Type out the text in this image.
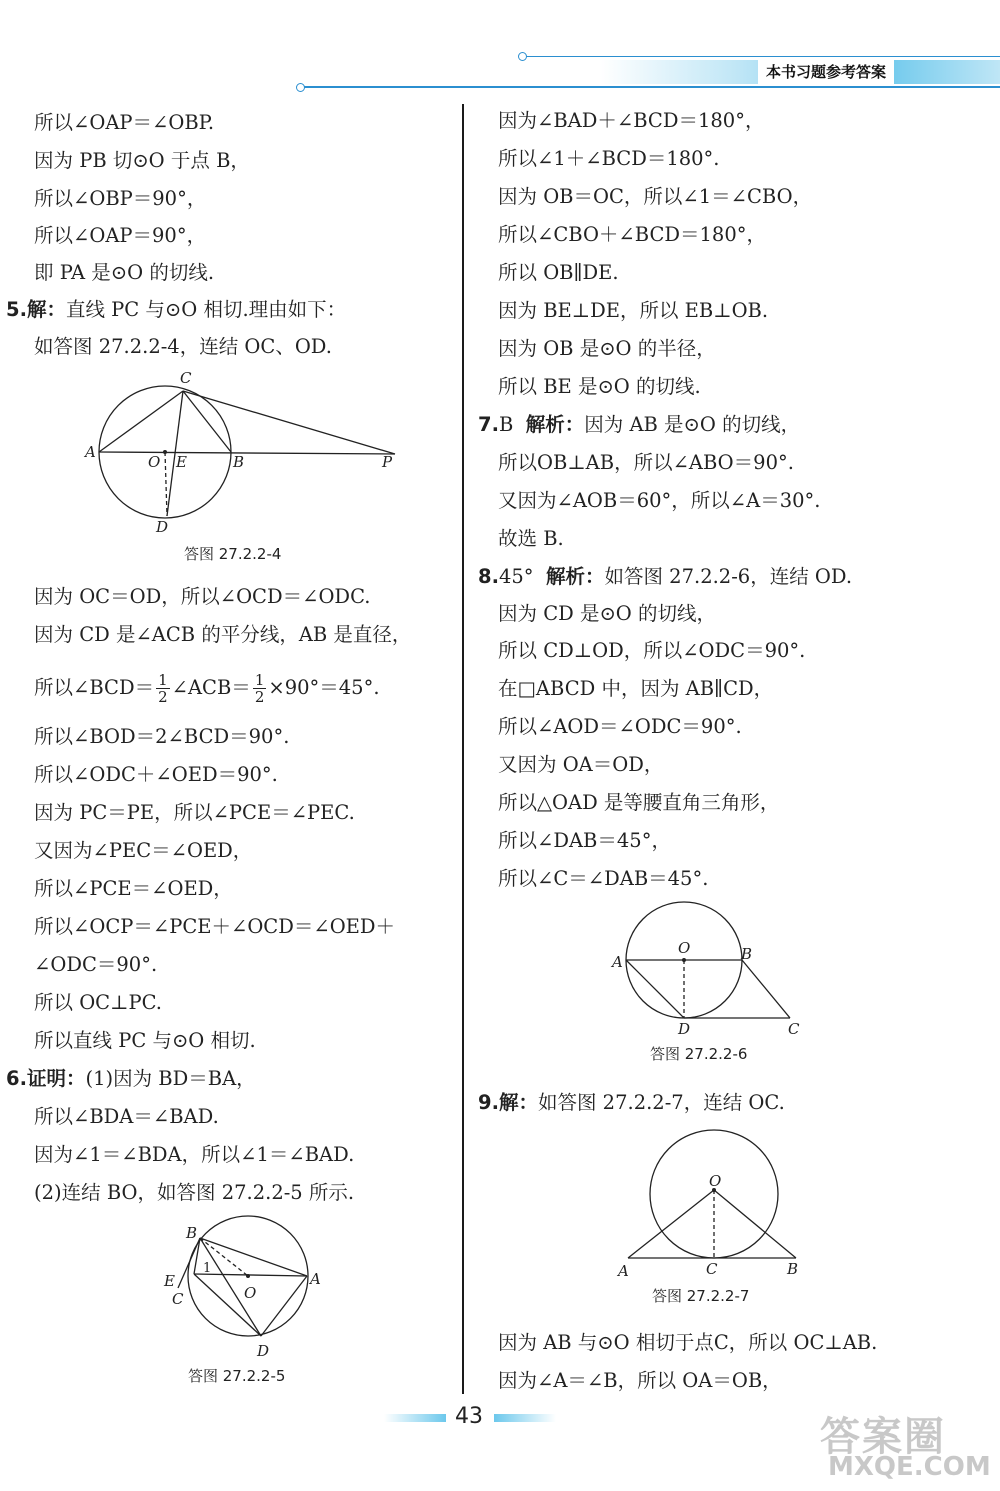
本书习题参考答案
所以∠OAP＝∠OBP.
因为 PB 切⊙O 于点 B，
所以∠OBP＝90°，
所以∠OAP＝90°，
即 PA 是⊙O 的切线.
5.解：直线 PC 与⊙O 相切.理由如下：
如答图 27.2.2-4，连结 OC、OD.
C
A
O E	B	P
D
答图 27.2.2-4
因为 OC＝OD，所以∠OCD＝∠ODC.
因为 CD 是∠ACB 的平分线，AB 是直径，
所以∠BCD＝ $\frac{1}{2}$ ∠ACB＝ $\frac{1}{2} \times 90^\circ=45^\circ$.
所以∠BOD＝2∠BCD＝90°.
所以∠ODC＋∠OED＝90°.
因为 PC＝PE，所以∠PCE＝∠PEC.
又因为∠PEC＝∠OED，
所以∠PCE＝∠OED，
所以∠OCP＝∠PCE＋∠OCD＝∠OED＋
∠ODC＝90°.
所以 OC⊥PC.
所以直线 PC 与⊙O 相切.
6.证明：(1)因为 BD＝BA，
所以∠BDA＝∠BAD.
因为∠1＝∠BDA，所以∠1＝∠BAD.
(2)连结 BO，如答图 27.2.2-5 所示.
B
E
1
O
A
C
D
答图 27.2.2-5
因为∠BAD＋∠BCD＝180°，
所以∠1＋∠BCD＝180°.
因为 OB＝OC，所以∠1＝∠CBO，
所以∠CBO＋∠BCD＝180°，
所以 OB∥DE.
因为 BE⊥DE，所以 EB⊥OB.
因为 OB 是⊙O 的半径，
所以 BE 是⊙O 的切线.
7.B 解析：因为 AB 是⊙O 的切线，
所以OB⊥AB，所以∠ABO＝90°.
又因为∠AOB＝60°，所以∠A＝30°.
故选 B.
8.45° 解析：如答图 27.2.2-6，连结 OD.
因为 CD 是⊙O 的切线，
所以 CD⊥OD，所以∠ODC＝90°.
在□ABCD 中，因为 AB∥CD，
所以∠AOD＝∠ODC＝90°.
又因为 OA＝OD，
所以△OAD 是等腰直角三角形，
所以∠DAB＝45°，
所以∠C＝∠DAB＝45°.
O
A	B
D	C
答图 27.2.2-6
9.解：如答图 27.2.2-7，连结 OC.
O
A	C	B
答图 27.2.2-7
因为 AB 与⊙O 相切于点C，所以 OC⊥AB.
因为∠A＝∠B，所以 OA＝OB，
43	答案圈
MXQE.COM
